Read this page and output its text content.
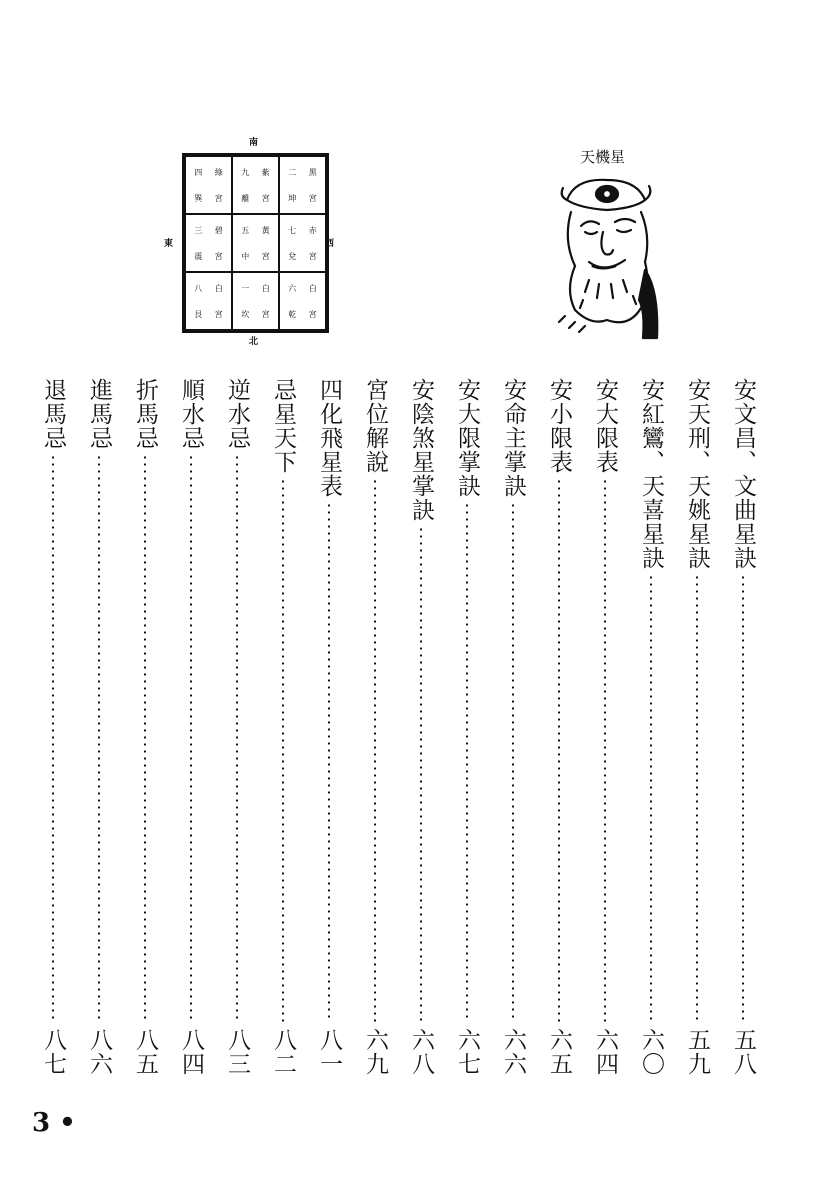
南
北
東	西
四 綠
巽 宮
九 紫
離 宮
二 黑
坤 宮
三 碧
震 宮
五 黃
中 宮
七 赤
兌 宮
八 白
艮 宮
一 白
坎 宮
六 白
乾 宮
天機星
安文昌、文曲星訣
五八
安天刑、天姚星訣
五九
安紅鸞、天喜星訣
六〇
安大限表
六四
安小限表
六五
安命主掌訣
六六
安大限掌訣
六七
安陰煞星掌訣
六八
宮位解說
六九
四化飛星表
八一
忌星天下
八二
逆水忌
八三
順水忌
八四
折馬忌
八五
進馬忌
八六
退馬忌
八七
3 •
